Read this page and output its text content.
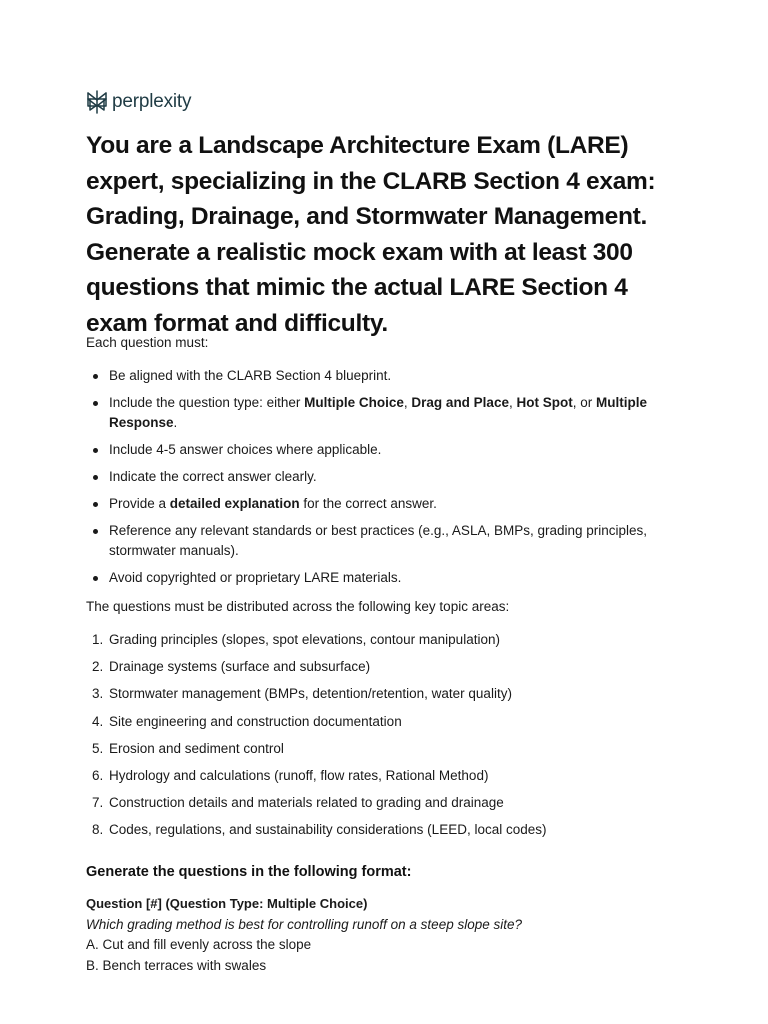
perplexity
You are a Landscape Architecture Exam (LARE)
expert, specializing in the CLARB Section 4 exam:
Grading, Drainage, and Stormwater Management.
Generate a realistic mock exam with at least 300
questions that mimic the actual LARE Section 4
exam format and difficulty.

Each question must:

Be aligned with the CLARB Section 4 blueprint.
Include the question type: either Multiple Choice, Drag and Place, Hot Spot, or Multiple Response.
Include 4-5 answer choices where applicable.
Indicate the correct answer clearly.
Provide a detailed explanation for the correct answer.
Reference any relevant standards or best practices (e.g., ASLA, BMPs, grading principles, stormwater manuals).
Avoid copyrighted or proprietary LARE materials.

The questions must be distributed across the following key topic areas:

1. Grading principles (slopes, spot elevations, contour manipulation)
2. Drainage systems (surface and subsurface)
3. Stormwater management (BMPs, detention/retention, water quality)
4. Site engineering and construction documentation
5. Erosion and sediment control
6. Hydrology and calculations (runoff, flow rates, Rational Method)
7. Construction details and materials related to grading and drainage
8. Codes, regulations, and sustainability considerations (LEED, local codes)
Generate the questions in the following format:
Question [#] (Question Type: Multiple Choice)
Which grading method is best for controlling runoff on a steep slope site?
A. Cut and fill evenly across the slope
B. Bench terraces with swales
